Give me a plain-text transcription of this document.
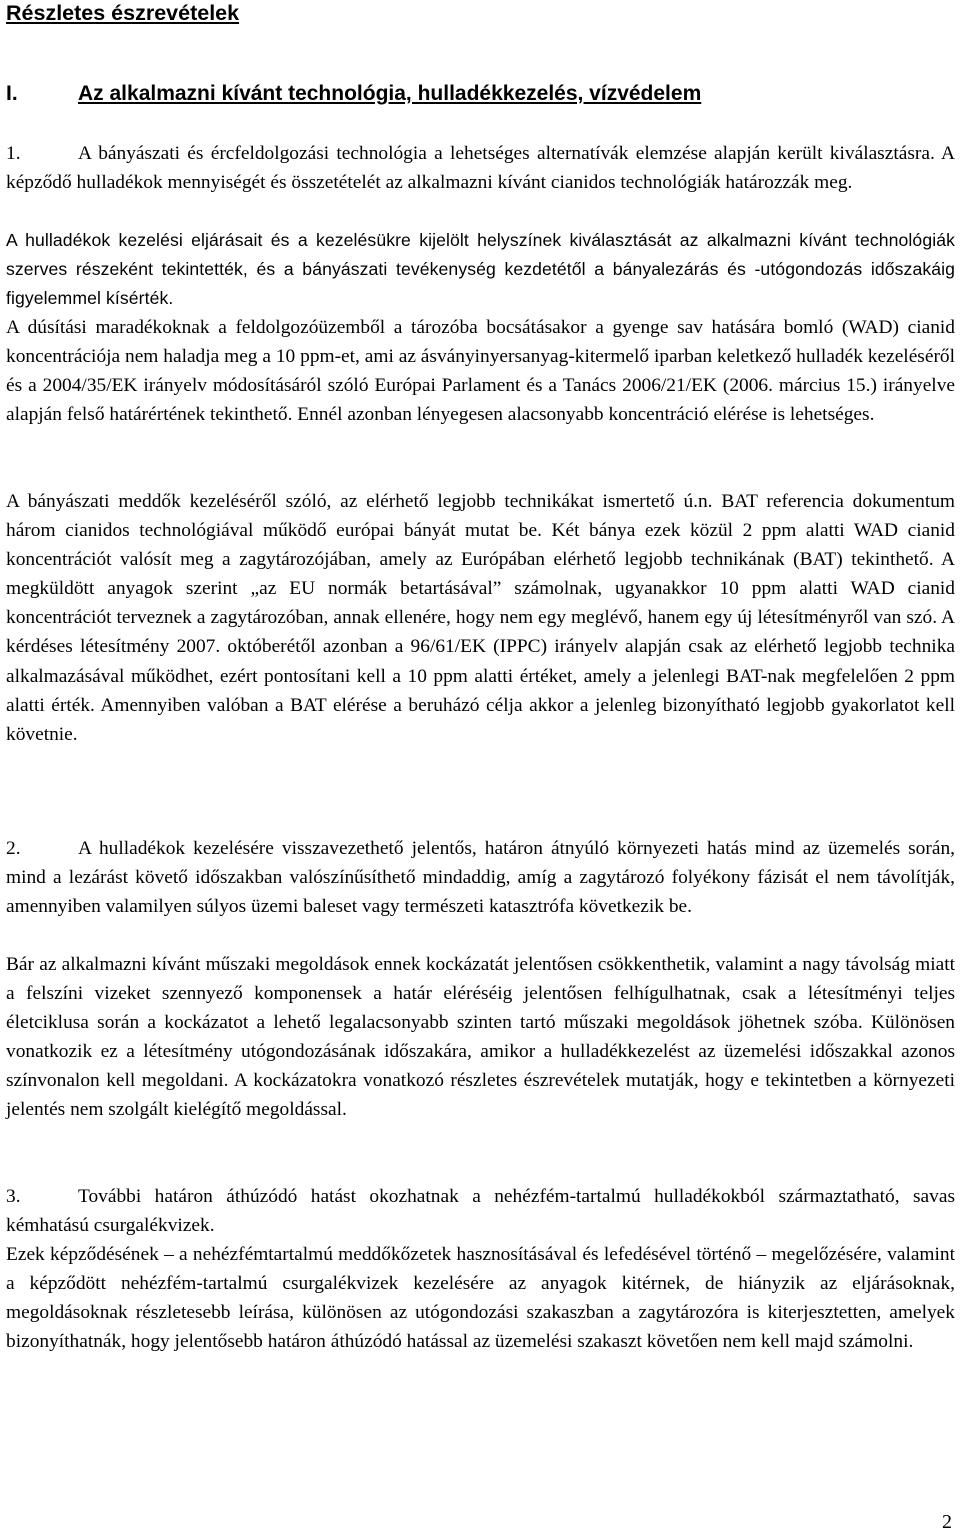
Részletes észrevételek
I.	Az alkalmazni kívánt technológia, hulladékkezelés, vízvédelem

1.	A bányászati és ércfeldolgozási technológia a lehetséges alternatívák elemzése alapján került kiválasztásra. A képződő hulladékok mennyiségét és összetételét az alkalmazni kívánt cianidos technológiák határozzák meg.

A hulladékok kezelési eljárásait és a kezelésükre kijelölt helyszínek kiválasztását az alkalmazni kívánt technológiák szerves részeként tekintették, és a bányászati tevékenység kezdetétől a bányalezárás és -utógondozás időszakáig figyelemmel kísérték.

A dúsítási maradékoknak a feldolgozóüzemből a tározóba bocsátásakor a gyenge sav hatására bomló (WAD) cianid koncentrációja nem haladja meg a 10 ppm-et, ami az ásványinyersanyag-kitermelő iparban keletkező hulladék kezeléséről és a 2004/35/EK irányelv módosításáról szóló Európai Parlament és a Tanács 2006/21/EK (2006. március 15.) irányelve alapján felső határértének tekinthető. Ennél azonban lényegesen alacsonyabb koncentráció elérése is lehetséges.

A bányászati meddők kezeléséről szóló, az elérhető legjobb technikákat ismertető ú.n. BAT referencia dokumentum három cianidos technológiával működő európai bányát mutat be. Két bánya ezek közül 2 ppm alatti WAD cianid koncentrációt valósít meg a zagytározójában, amely az Európában elérhető legjobb technikának (BAT) tekinthető. A megküldött anyagok szerint „az EU normák betartásával” számolnak, ugyanakkor 10 ppm alatti WAD cianid koncentrációt terveznek a zagytározóban, annak ellenére, hogy nem egy meglévő, hanem egy új létesítményről van szó. A kérdéses létesítmény 2007. októberétől azonban a 96/61/EK (IPPC) irányelv alapján csak az elérhető legjobb technika alkalmazásával működhet, ezért pontosítani kell a 10 ppm alatti értéket, amely a jelenlegi BAT-nak megfelelően 2 ppm alatti érték. Amennyiben valóban a BAT elérése a beruházó célja akkor a jelenleg bizonyítható legjobb gyakorlatot kell követnie.

2.	A hulladékok kezelésére visszavezethető jelentős, határon átnyúló környezeti hatás mind az üzemelés során, mind a lezárást követő időszakban valószínűsíthető mindaddig, amíg a zagytározó folyékony fázisát el nem távolítják, amennyiben valamilyen súlyos üzemi baleset vagy természeti katasztrófa következik be.

Bár az alkalmazni kívánt műszaki megoldások ennek kockázatát jelentősen csökkenthetik, valamint a nagy távolság miatt a felszíni vizeket szennyező komponensek a határ eléréséig jelentősen felhígulhatnak, csak a létesítményi teljes életciklusa során a kockázatot a lehető legalacsonyabb szinten tartó műszaki megoldások jöhetnek szóba. Különösen vonatkozik ez a létesítmény utógondozásának időszakára, amikor a hulladékkezelést az üzemelési időszakkal azonos színvonalon kell megoldani. A kockázatokra vonatkozó részletes észrevételek mutatják, hogy e tekintetben a környezeti jelentés nem szolgált kielégítő megoldással.

3.	További határon áthúzódó hatást okozhatnak a nehézfém-tartalmú hulladékokból származtatható, savas kémhatású csurgalékvizek.

Ezek képződésének – a nehézfémtartalmú meddőkőzetek hasznosításával és lefedésével történő – megelőzésére, valamint a képződött nehézfém-tartalmú csurgalékvizek kezelésére az anyagok kitérnek, de hiányzik az eljárásoknak, megoldásoknak részletesebb leírása, különösen az utógondozási szakaszban a zagytározóra is kiterjesztetten, amelyek bizonyíthatnák, hogy jelentősebb határon áthúzódó hatással az üzemelési szakaszt követően nem kell majd számolni.

2
